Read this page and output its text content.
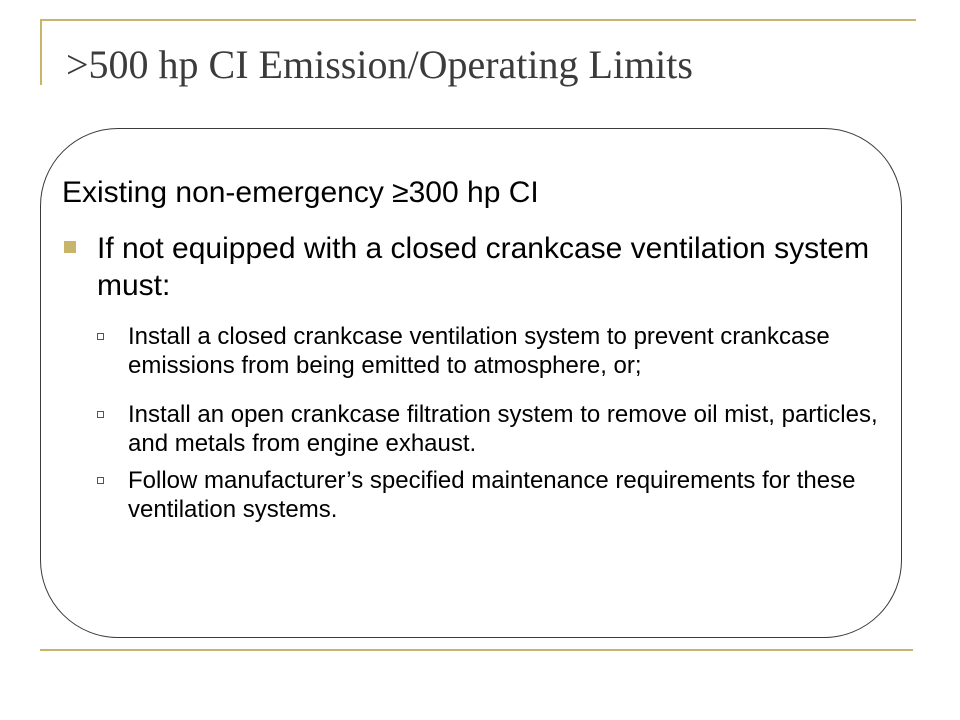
>500 hp CI Emission/Operating Limits

Existing non-emergency ≥300 hp CI

If not equipped with a closed crankcase ventilation system must:
Install a closed crankcase ventilation system to prevent crankcase emissions from being emitted to atmosphere, or;
Install an open crankcase filtration system to remove oil mist, particles, and metals from engine exhaust.
Follow manufacturer’s specified maintenance requirements for these ventilation systems.
